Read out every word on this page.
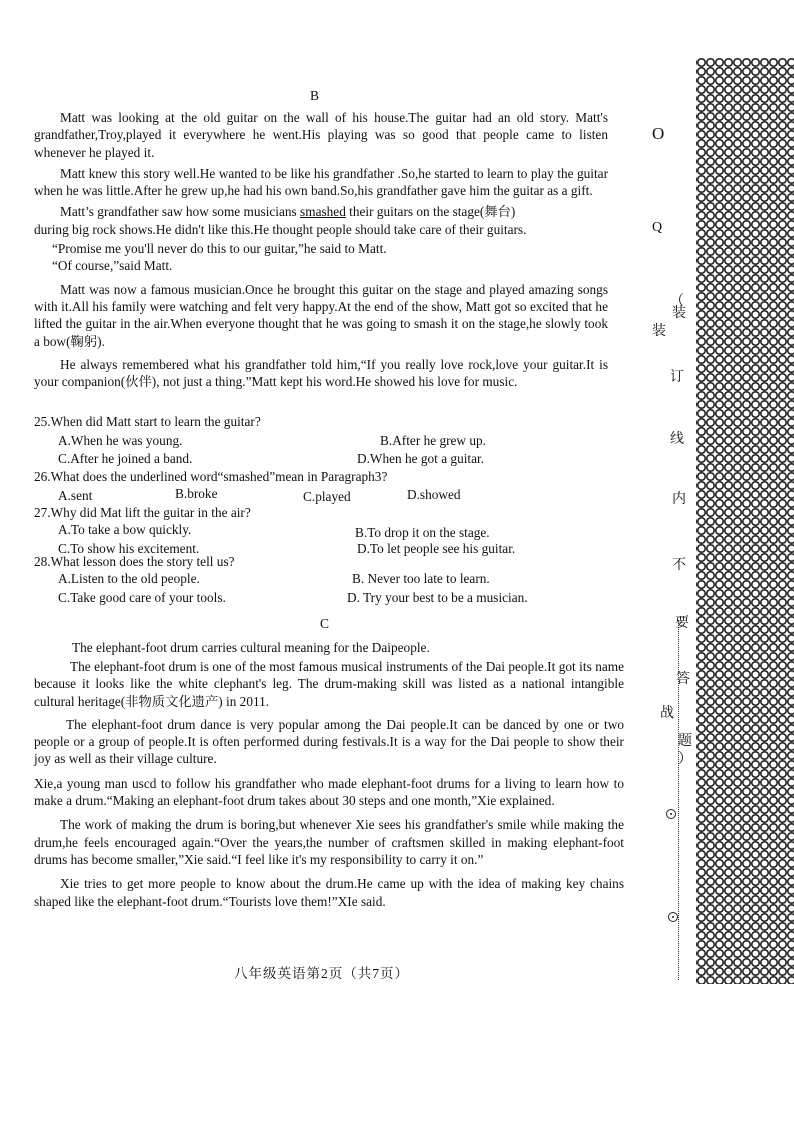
B

Matt was looking at the old guitar on the wall of his house.The guitar had an old story. Matt's grandfather,Troy,played it everywhere he went.His playing was so good that people came to listen whenever he played it.

Matt knew this story well.He wanted to be like his grandfather .So,he started to learn to play the guitar when he was little.After he grew up,he had his own band.So,his grandfather gave him the guitar as a gift.

Matt’s grandfather saw how some musicians smashed their guitars on the stage(舞台)
during big rock shows.He didn't like this.He thought people should take care of their guitars.

“Promise me you'll never do this to our guitar,”he said to Matt.

“Of course,”said Matt.

Matt was now a famous musician.Once he brought this guitar on the stage and played amazing songs with it.All his family were watching and felt very happy.At the end of the show, Matt got so excited that he lifted the guitar in the air.When everyone thought that he was going to smash it on the stage,he slowly took a bow(鞠躬).

He always remembered what his grandfather told him,“If you really love rock,love your guitar.It is your companion(伙伴), not just a thing.”Matt kept his word.He showed his love for music.

25.When did Matt start to learn the guitar?
A.When he was young.	B.After he grew up.
C.After he joined a band.	D.When he got a guitar.
26.What does the underlined word“smashed”mean in Paragraph3?
A.sent	B.broke	C.played	D.showed
27.Why did Mat lift the guitar in the air?
A.To take a bow quickly.	B.To drop it on the stage.
C.To show his excitement.	D.To let people see his guitar.
28.What lesson does the story tell us?
A.Listen to the old people.	B. Never too late to learn.
C.Take good care of your tools.	D. Try your best to be a musician.
C
The elephant-foot drum carries cultural meaning for the Daipeople.

The elephant-foot drum is one of the most famous musical instruments of the Dai people.It got its name because it looks like the white clephant's leg. The drum-making skill was listed as a national intangible cultural heritage(非物质文化遗产) in 2011.

The elephant-foot drum dance is very popular among the Dai people.It can be danced by one or two people or a group of people.It is often performed during festivals.It is a way for the Dai people to show their joy as well as their village culture.

Xie,a young man uscd to follow his grandfather who made elephant-foot drums for a living to learn how to make a drum.“Making an elephant-foot drum takes about 30 steps and one month,”Xie explained.

The work of making the drum is boring,but whenever Xie sees his grandfather's smile while making the drum,he feels encouraged again.“Over the years,the number of craftsmen skilled in making elephant-foot drums has become smaller,”Xie said.“I feel like it's my responsibility to carry it on.”

Xie tries to get more people to know about the drum.He came up with the idea of making key chains shaped like the elephant-foot drum.“Tourists love them!”XIe said.

八年级英语第2页（共7页）
O
Q
（
装
装
订
线
内
不
要
答
战
题
）
